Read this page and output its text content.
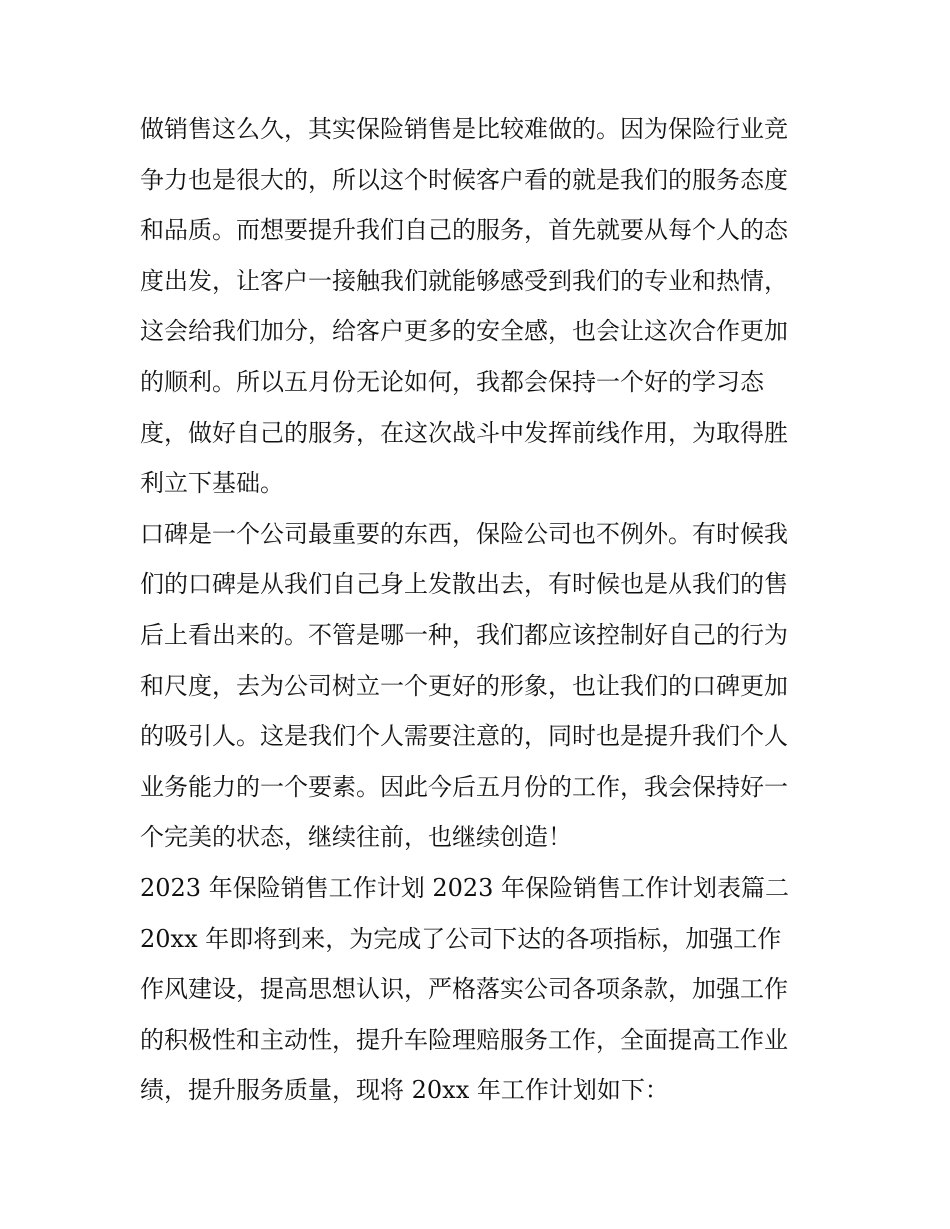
做销售这么久，其实保险销售是比较难做的。因为保险行业竞
争力也是很大的，所以这个时候客户看的就是我们的服务态度
和品质。而想要提升我们自己的服务，首先就要从每个人的态
度出发，让客户一接触我们就能够感受到我们的专业和热情，
这会给我们加分，给客户更多的安全感，也会让这次合作更加
的顺利。所以五月份无论如何，我都会保持一个好的学习态
度，做好自己的服务，在这次战斗中发挥前线作用，为取得胜
利立下基础。
口碑是一个公司最重要的东西，保险公司也不例外。有时候我
们的口碑是从我们自己身上发散出去，有时候也是从我们的售
后上看出来的。不管是哪一种，我们都应该控制好自己的行为
和尺度，去为公司树立一个更好的形象，也让我们的口碑更加
的吸引人。这是我们个人需要注意的，同时也是提升我们个人
业务能力的一个要素。因此今后五月份的工作，我会保持好一
个完美的状态，继续往前，也继续创造！
2023 年保险销售工作计划 2023 年保险销售工作计划表篇二
20xx 年即将到来，为完成了公司下达的各项指标，加强工作
作风建设，提高思想认识，严格落实公司各项条款，加强工作
的积极性和主动性，提升车险理赔服务工作，全面提高工作业
绩，提升服务质量，现将 20xx 年工作计划如下：
